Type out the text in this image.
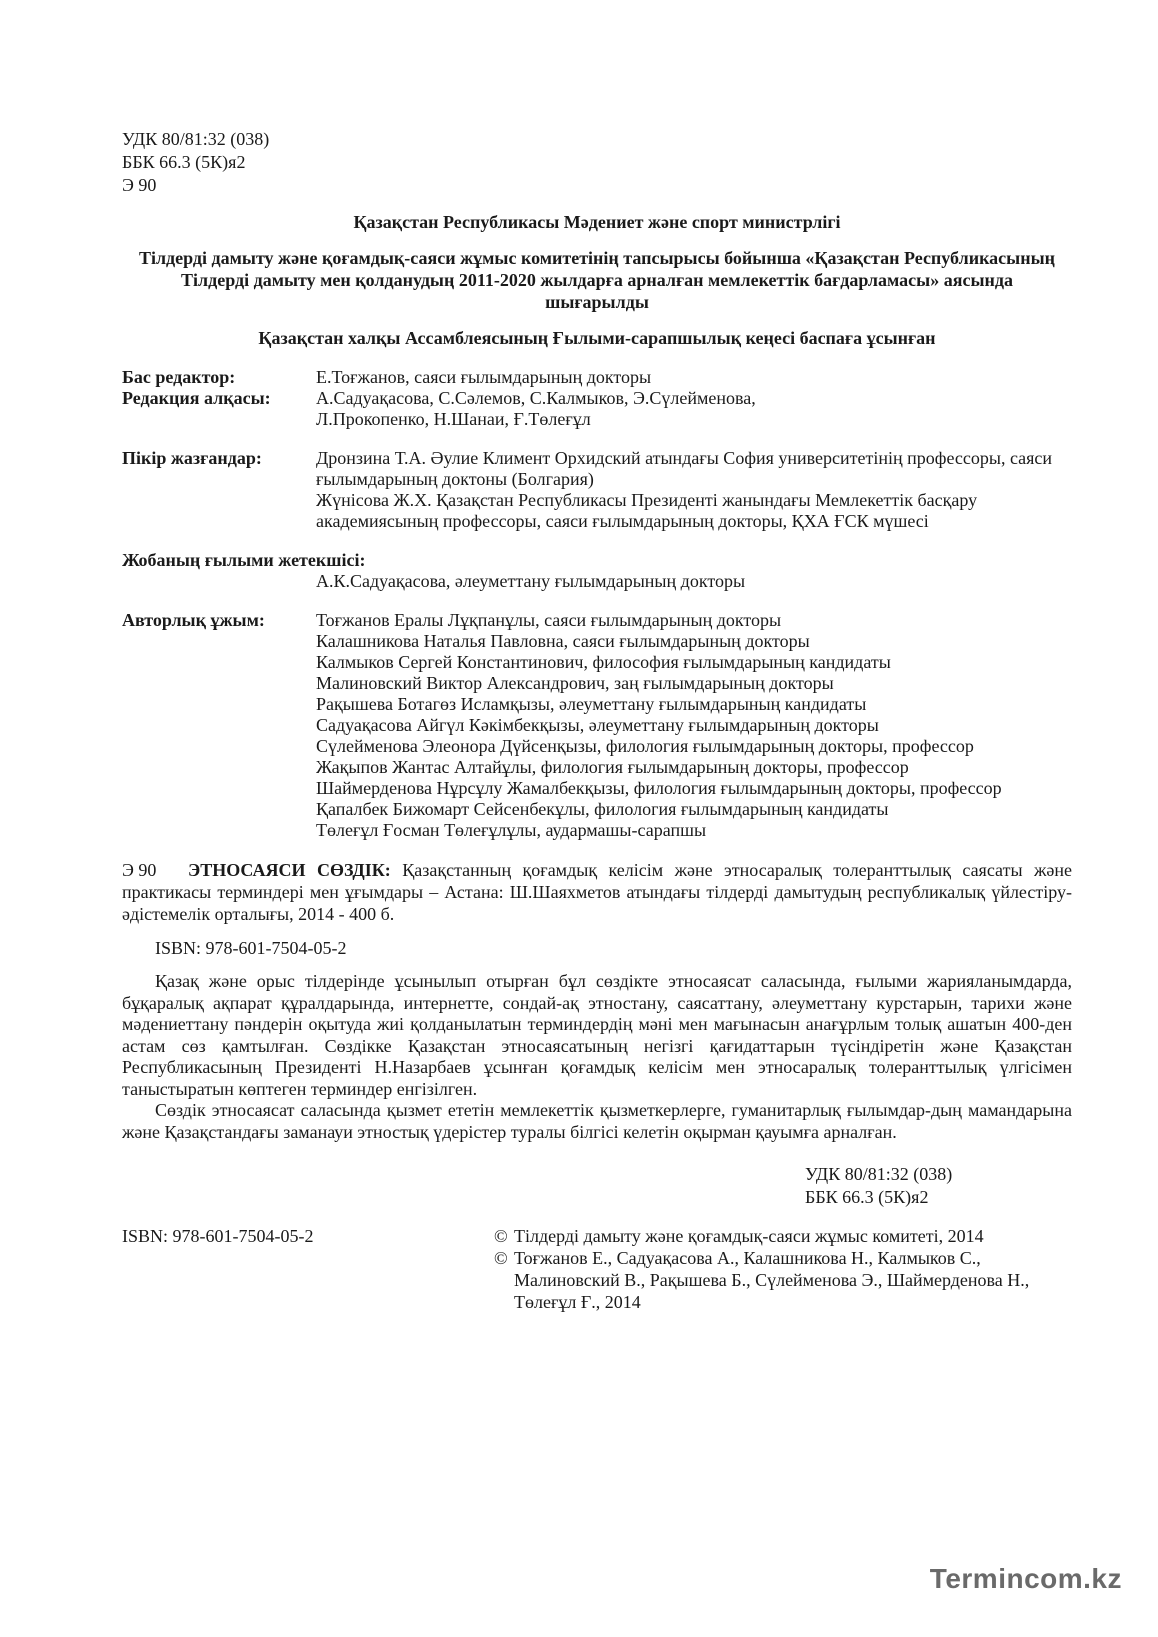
УДК 80/81:32 (038)
ББК 66.3 (5К)я2
Э 90
Қазақстан Республикасы Мәдениет және спорт министрлігі
Тілдерді дамыту және қоғамдық-саяси жұмыс комитетінің тапсырысы бойынша «Қазақстан Республикасының Тілдерді дамыту мен қолданудың 2011-2020 жылдарға арналған мемлекеттік бағдарламасы» аясында шығарылды
Қазақстан халқы Ассамблеясының Ғылыми-сарапшылық кеңесі баспаға ұсынған
Бас редактор:	Е.Тоғжанов, саяси ғылымдарының докторы
Редакция алқасы:	А.Садуақасова, С.Сәлемов, С.Калмыков, Э.Сүлейменова,
Л.Прокопенко, Н.Шанаи, Ғ.Төлеғұл
Пікір жазғандар:	Дронзина Т.А. Әулие Климент Орхидский атындағы София университетінің профессоры, саяси ғылымдарының доктоны (Болгария)
Жүнісова Ж.Х. Қазақстан Республикасы Президенті жанындағы Мемлекеттік басқару академиясының профессоры, саяси ғылымдарының докторы, ҚХА ҒСК мүшесі
Жобаның ғылыми жетекшісі:
А.К.Садуақасова, әлеуметтану ғылымдарының докторы
Авторлық ұжым:	Тоғжанов Ералы Лұқпанұлы, саяси ғылымдарының докторы
Калашникова Наталья Павловна, саяси ғылымдарының докторы
Калмыков Сергей Константинович, философия ғылымдарының кандидаты
Малиновский Виктор Александрович, заң ғылымдарының докторы
Рақышева Ботагөз Исламқызы, әлеуметтану ғылымдарының кандидаты
Садуақасова Айгүл Кәкімбекқызы, әлеуметтану ғылымдарының докторы
Сүлейменова Элеонора Дүйсенқызы, филология ғылымдарының докторы, профессор
Жақыпов Жантас Алтайұлы, филология ғылымдарының докторы, профессор
Шаймерденова Нұрсұлу Жамалбекқызы, филология ғылымдарының докторы, профессор
Қапалбек Бижомарт Сейсенбекұлы, филология ғылымдарының кандидаты
Төлеғұл Ғосман Төлеғұлұлы, аудармашы-сарапшы
Э 90 ЭТНОСАЯСИ СӨЗДІК: Қазақстанның қоғамдық келісім және этносаралық толеранттылық саясаты және практикасы терминдері мен ұғымдары – Астана: Ш.Шаяхметов атындағы тілдерді дамытудың республикалық үйлестіру-әдістемелік орталығы, 2014 - 400 б.
ISBN: 978-601-7504-05-2

Қазақ және орыс тілдерінде ұсынылып отырған бұл сөздікте этносаясат саласында, ғылыми жарияланымдарда, бұқаралық ақпарат құралдарында, интернетте, сондай-ақ этностану, саясаттану, әлеуметтану курстарын, тарихи және мәдениеттану пәндерін оқытуда жиі қолданылатын терминдердің мәні мен мағынасын анағұрлым толық ашатын 400-ден астам сөз қамтылған. Сөздікке Қазақстан этносаясатының негізгі қағидаттарын түсіндіретін және Қазақстан Республикасының Президенті Н.Назарбаев ұсынған қоғамдық келісім мен этносаралық толеранттылық үлгісімен таныстыратын көптеген терминдер енгізілген.

Сөздік этносаясат саласында қызмет ететін мемлекеттік қызметкерлерге, гуманитарлық ғылымдар-дың мамандарына және Қазақстандағы заманауи этностық үдерістер туралы білгісі келетін оқырман қауымға арналған.

УДК 80/81:32 (038)
ББК 66.3 (5К)я2
ISBN: 978-601-7504-05-2	© Тілдерді дамыту және қоғамдық-саяси жұмыс комитеті, 2014
© Тоғжанов Е., Садуақасова А., Калашникова Н., Калмыков С., Малиновский В., Рақышева Б., Сүлейменова Э., Шаймерденова Н., Төлеғұл Ғ., 2014
Termincom.kz
